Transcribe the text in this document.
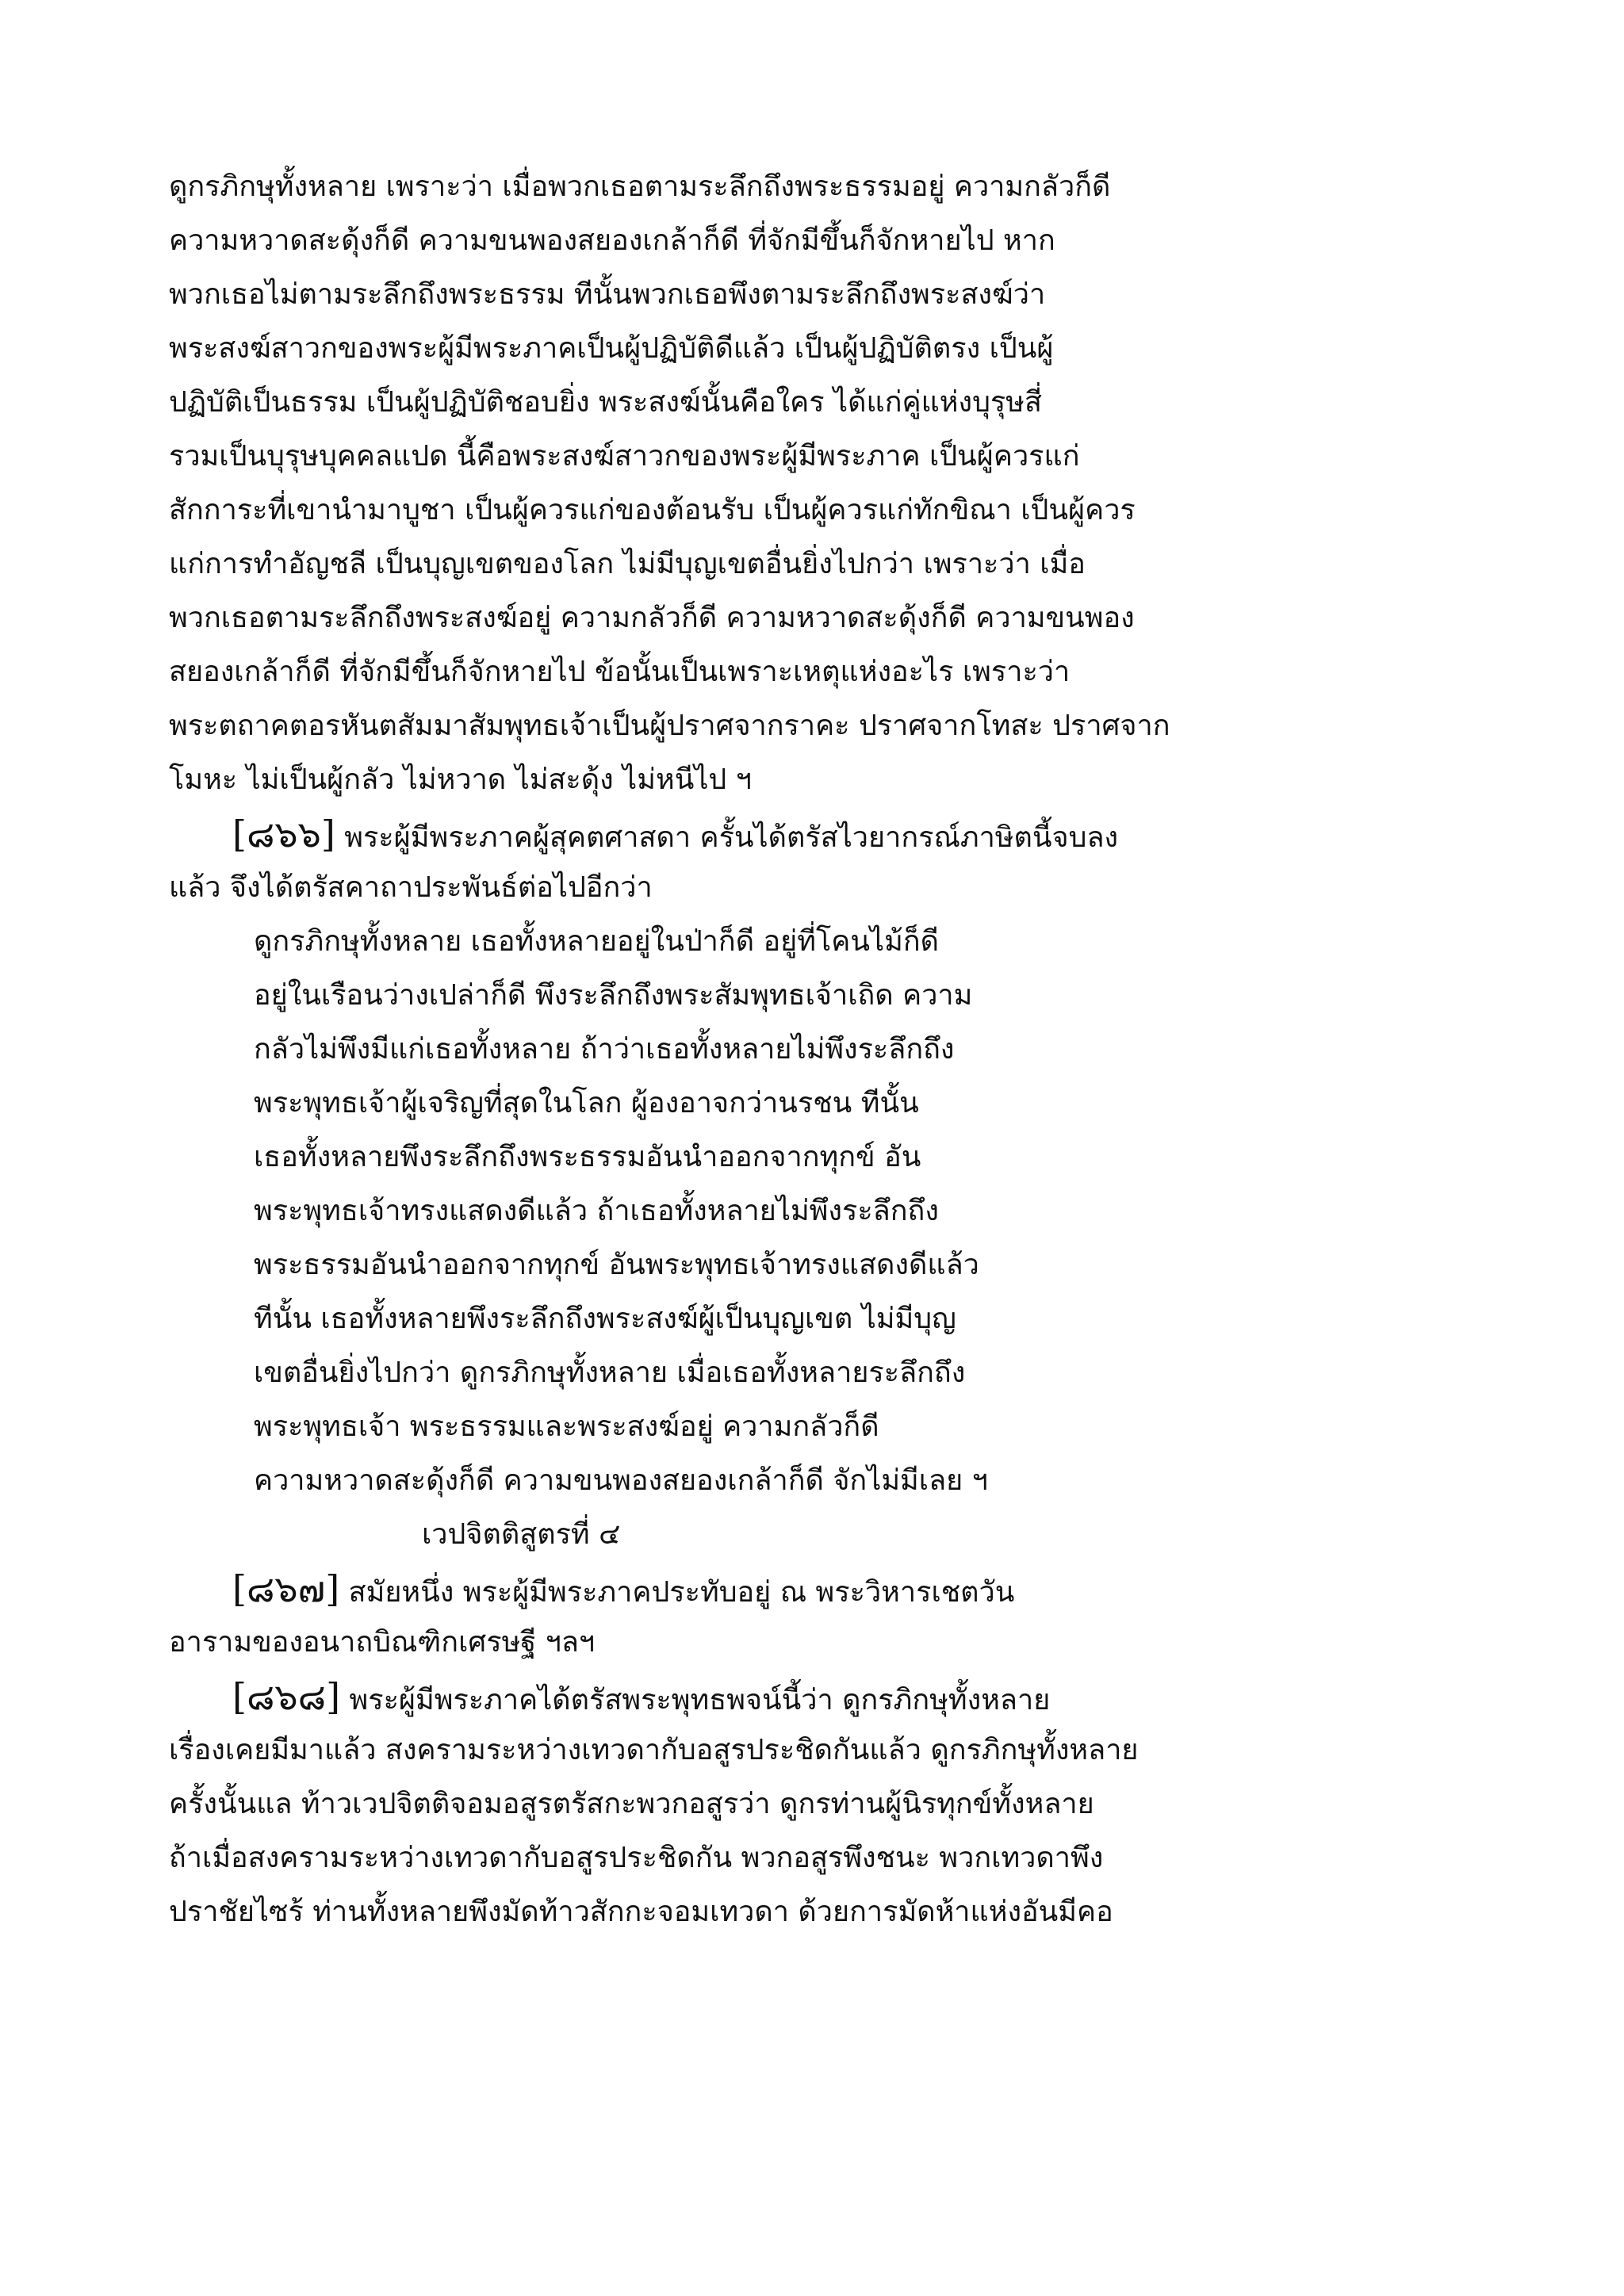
ดูกรภิกษุทั้งหลาย เพราะว่า เมื่อพวกเธอตามระลึกถึงพระธรรมอยู่ ความกลัวก็ดี
ความหวาดสะดุ้งก็ดี ความขนพองสยองเกล้าก็ดี ที่จักมีขึ้นก็จักหายไป หาก
พวกเธอไม่ตามระลึกถึงพระธรรม ทีนั้นพวกเธอพึงตามระลึกถึงพระสงฆ์ว่า
พระสงฆ์สาวกของพระผู้มีพระภาคเป็นผู้ปฏิบัติดีแล้ว เป็นผู้ปฏิบัติตรง เป็นผู้
ปฏิบัติเป็นธรรม เป็นผู้ปฏิบัติชอบยิ่ง พระสงฆ์นั้นคือใคร ได้แก่คู่แห่งบุรุษสี่
รวมเป็นบุรุษบุคคลแปด นี้คือพระสงฆ์สาวกของพระผู้มีพระภาค เป็นผู้ควรแก่
สักการะที่เขานำมาบูชา เป็นผู้ควรแก่ของต้อนรับ เป็นผู้ควรแก่ทักขิณา เป็นผู้ควร
แก่การทำอัญชลี เป็นบุญเขตของโลก ไม่มีบุญเขตอื่นยิ่งไปกว่า เพราะว่า เมื่อ
พวกเธอตามระลึกถึงพระสงฆ์อยู่ ความกลัวก็ดี ความหวาดสะดุ้งก็ดี ความขนพอง
สยองเกล้าก็ดี ที่จักมีขึ้นก็จักหายไป ข้อนั้นเป็นเพราะเหตุแห่งอะไร เพราะว่า
พระตถาคตอรหันตสัมมาสัมพุทธเจ้าเป็นผู้ปราศจากราคะ ปราศจากโทสะ ปราศจาก
โมหะ ไม่เป็นผู้กลัว ไม่หวาด ไม่สะดุ้ง ไม่หนีไป ฯ
[๘๖๖] พระผู้มีพระภาคผู้สุคตศาสดา ครั้นได้ตรัสไวยากรณ์ภาษิตนี้จบลง
แล้ว จึงได้ตรัสคาถาประพันธ์ต่อไปอีกว่า
ดูกรภิกษุทั้งหลาย เธอทั้งหลายอยู่ในป่าก็ดี อยู่ที่โคนไม้ก็ดี
อยู่ในเรือนว่างเปล่าก็ดี พึงระลึกถึงพระสัมพุทธเจ้าเถิด ความ
กลัวไม่พึงมีแก่เธอทั้งหลาย ถ้าว่าเธอทั้งหลายไม่พึงระลึกถึง
พระพุทธเจ้าผู้เจริญที่สุดในโลก ผู้องอาจกว่านรชน ทีนั้น
เธอทั้งหลายพึงระลึกถึงพระธรรมอันนำออกจากทุกข์ อัน
พระพุทธเจ้าทรงแสดงดีแล้ว ถ้าเธอทั้งหลายไม่พึงระลึกถึง
พระธรรมอันนำออกจากทุกข์ อันพระพุทธเจ้าทรงแสดงดีแล้ว
ทีนั้น เธอทั้งหลายพึงระลึกถึงพระสงฆ์ผู้เป็นบุญเขต ไม่มีบุญ
เขตอื่นยิ่งไปกว่า ดูกรภิกษุทั้งหลาย เมื่อเธอทั้งหลายระลึกถึง
พระพุทธเจ้า พระธรรมและพระสงฆ์อยู่ ความกลัวก็ดี
ความหวาดสะดุ้งก็ดี ความขนพองสยองเกล้าก็ดี จักไม่มีเลย ฯ
เวปจิตติสูตรที่ ๔
[๘๖๗] สมัยหนึ่ง พระผู้มีพระภาคประทับอยู่ ณ พระวิหารเชตวัน
อารามของอนาถบิณฑิกเศรษฐี ฯลฯ
[๘๖๘] พระผู้มีพระภาคได้ตรัสพระพุทธพจน์นี้ว่า ดูกรภิกษุทั้งหลาย
เรื่องเคยมีมาแล้ว สงครามระหว่างเทวดากับอสูรประชิดกันแล้ว ดูกรภิกษุทั้งหลาย
ครั้งนั้นแล ท้าวเวปจิตติจอมอสูรตรัสกะพวกอสูรว่า ดูกรท่านผู้นิรทุกข์ทั้งหลาย
ถ้าเมื่อสงครามระหว่างเทวดากับอสูรประชิดกัน พวกอสูรพึงชนะ พวกเทวดาพึง
ปราชัยไซร้ ท่านทั้งหลายพึงมัดท้าวสักกะจอมเทวดา ด้วยการมัดห้าแห่งอันมีคอ
